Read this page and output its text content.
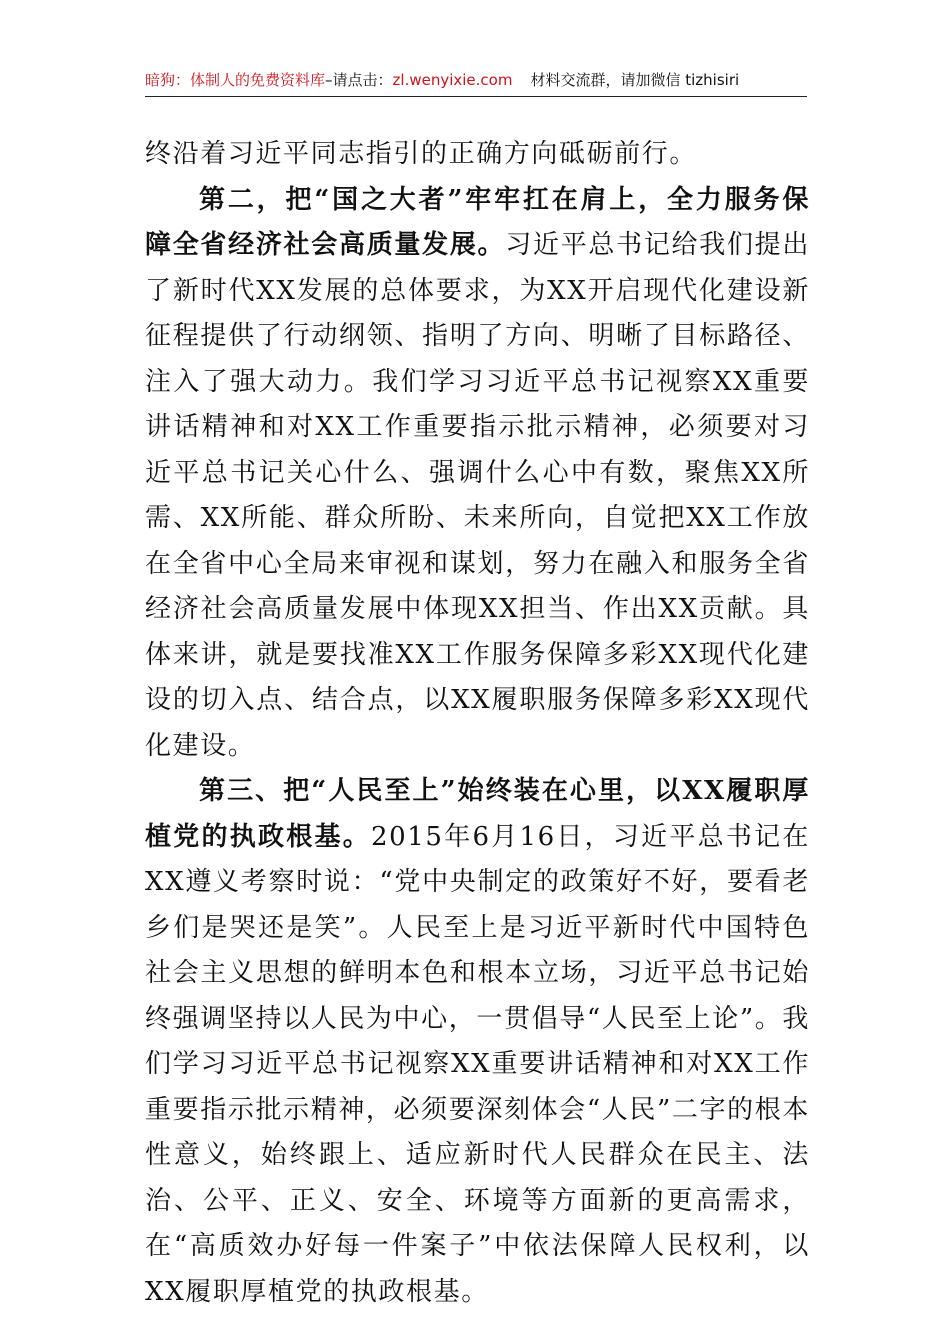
暗狗：体制人的免费资料库–请点击：zl.wenyixie.com 材料交流群，请加微信 tizhisiri

终沿着习近平同志指引的正确方向砥砺前行。

第二，把“国之大者”牢牢扛在肩上，全力服务保障全省经济社会高质量发展。习近平总书记给我们提出了新时代XX发展的总体要求，为XX开启现代化建设新征程提供了行动纲领、指明了方向、明晰了目标路径、注入了强大动力。我们学习习近平总书记视察XX重要讲话精神和对XX工作重要指示批示精神，必须要对习近平总书记关心什么、强调什么心中有数，聚焦XX所需、XX所能、群众所盼、未来所向，自觉把XX工作放在全省中心全局来审视和谋划，努力在融入和服务全省经济社会高质量发展中体现XX担当、作出XX贡献。具体来讲，就是要找准XX工作服务保障多彩XX现代化建设的切入点、结合点，以XX履职服务保障多彩XX现代化建设。

第三、把“人民至上”始终装在心里，以XX履职厚植党的执政根基。2015年6月16日，习近平总书记在XX遵义考察时说：“党中央制定的政策好不好，要看老乡们是哭还是笑”。人民至上是习近平新时代中国特色社会主义思想的鲜明本色和根本立场，习近平总书记始终强调坚持以人民为中心，一贯倡导“人民至上论”。我们学习习近平总书记视察XX重要讲话精神和对XX工作重要指示批示精神，必须要深刻体会“人民”二字的根本性意义，始终跟上、适应新时代人民群众在民主、法治、公平、正义、安全、环境等方面新的更高需求，在“高质效办好每一件案子”中依法保障人民权利，以XX履职厚植党的执政根基。
